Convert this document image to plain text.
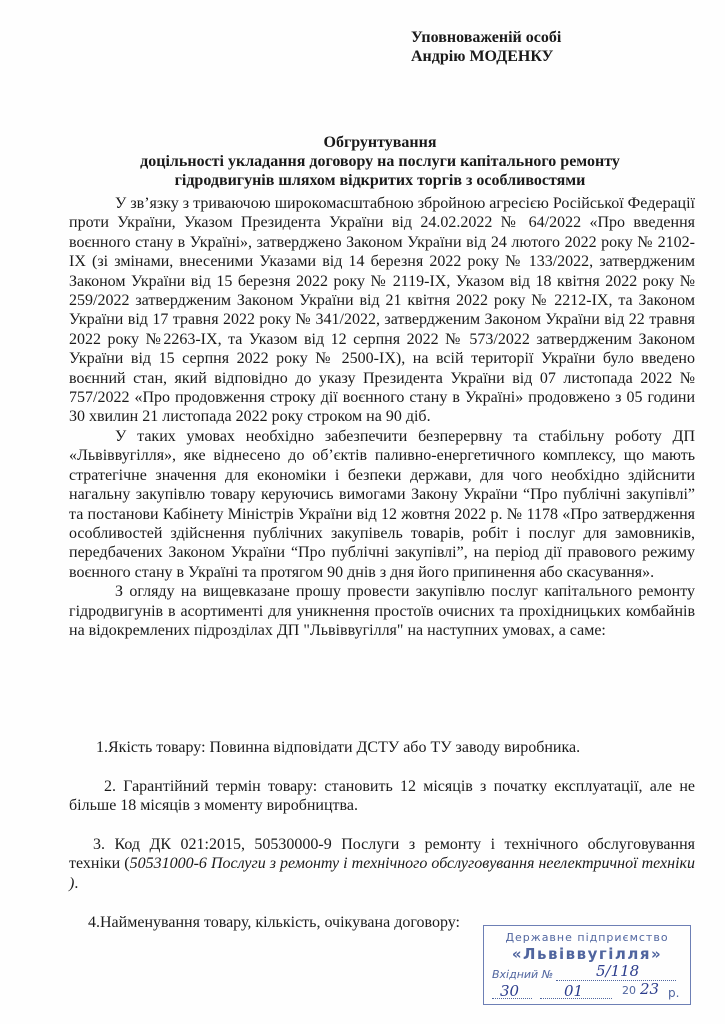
Уповноваженій особі
Андрію МОДЕНКУ
Обгрунтування
доцільності укладання договору на послуги капітального ремонту
гідродвигунів шляхом відкритих торгів з особливостями

У зв’язку з триваючою широкомасштабною збройною агресією Російської Федерації проти України, Указом Президента України від 24.02.2022 № 64/2022 «Про введення воєнного стану в Україні», затверджено Законом України від 24 лютого 2022 року № 2102-IX (зі змінами, внесеними Указами від 14 березня 2022 року № 133/2022, затвердженим Законом України від 15 березня 2022 року № 2119-IX, Указом від 18 квітня 2022 року № 259/2022 затвердженим Законом України від 21 квітня 2022 року № 2212-IX, та Законом України від 17 травня 2022 року № 341/2022, затвердженим Законом України від 22 травня 2022 року №2263-IX, та Указом від 12 серпня 2022 № 573/2022 затвердженим Законом України від 15 серпня 2022 року № 2500-IX), на всій території України було введено воєнний стан, який відповідно до указу Президента України від 07 листопада 2022 № 757/2022 «Про продовження строку дії воєнного стану в Україні» продовжено з 05 години 30 хвилин 21 листопада 2022 року строком на 90 діб.

У таких умовах необхідно забезпечити безперервну та стабільну роботу ДП «Львіввугілля», яке віднесено до об’єктів паливно-енергетичного комплексу, що мають стратегічне значення для економіки і безпеки держави, для чого необхідно здійснити нагальну закупівлю товару керуючись вимогами Закону України “Про публічні закупівлі” та постанови Кабінету Міністрів України від 12 жовтня 2022 р. № 1178 «Про затвердження особливостей здійснення публічних закупівель товарів, робіт і послуг для замовників, передбачених Законом України “Про публічні закупівлі”, на період дії правового режиму воєнного стану в Україні та протягом 90 днів з дня його припинення або скасування».

З огляду на вищевказане прошу провести закупівлю послуг капітального ремонту гідродвигунів в асортименті для уникнення простоїв очисних та прохідницьких комбайнів на відокремлених підрозділах ДП "Львіввугілля" на наступних умовах, а саме:

1.Якість товару: Повинна відповідати ДСТУ або ТУ заводу виробника.

2. Гарантійний термін товару: становить 12 місяців з початку експлуатації, але не більше 18 місяців з моменту виробництва.

3. Код ДК 021:2015, 50530000-9 Послуги з ремонту і технічного обслуговування техніки (50531000-6 Послуги з ремонту і технічного обслуговування неелектричної техніки ).

4.Найменування товару, кількість, очікувана договору:

Державне підприємство
«Львіввугілля»
Вхідний №	5/118
30	01	20 23 р.
